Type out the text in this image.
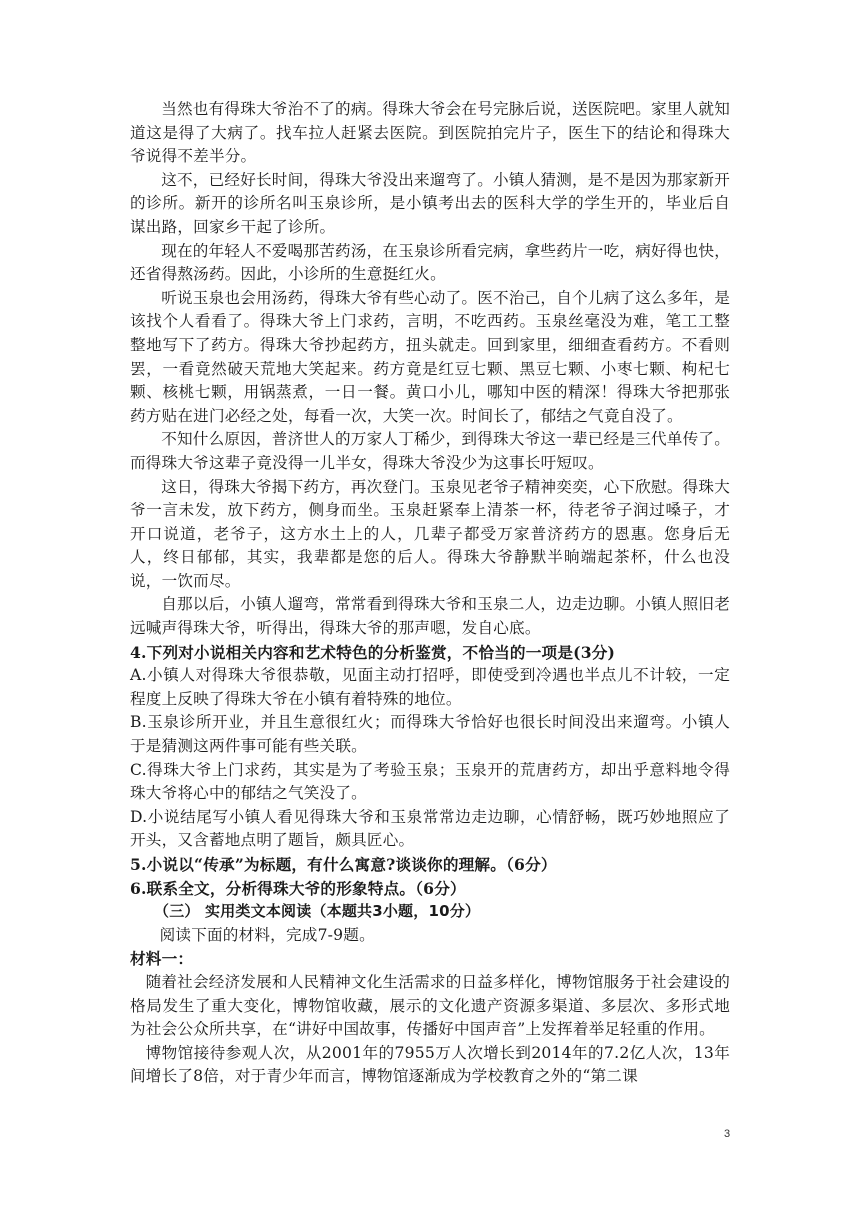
当然也有得珠大爷治不了的病。得珠大爷会在号完脉后说，送医院吧。家里人就知道这是得了大病了。找车拉人赶紧去医院。到医院拍完片子，医生下的结论和得珠大爷说得不差半分。

这不，已经好长时间，得珠大爷没出来遛弯了。小镇人猜测，是不是因为那家新开的诊所。新开的诊所名叫玉泉诊所，是小镇考出去的医科大学的学生开的，毕业后自谋出路，回家乡干起了诊所。

现在的年轻人不爱喝那苦药汤，在玉泉诊所看完病，拿些药片一吃，病好得也快，还省得熬汤药。因此，小诊所的生意挺红火。

听说玉泉也会用汤药，得珠大爷有些心动了。医不治己，自个儿病了这么多年，是该找个人看看了。得珠大爷上门求药，言明，不吃西药。玉泉丝毫没为难，笔工工整整地写下了药方。得珠大爷抄起药方，扭头就走。回到家里，细细查看药方。不看则罢，一看竟然破天荒地大笑起来。药方竟是红豆七颗、黑豆七颗、小枣七颗、枸杞七颗、核桃七颗，用锅蒸煮，一日一餐。黄口小儿，哪知中医的精深！得珠大爷把那张药方贴在进门必经之处，每看一次，大笑一次。时间长了，郁结之气竟自没了。

不知什么原因，普济世人的万家人丁稀少，到得珠大爷这一辈已经是三代单传了。而得珠大爷这辈子竟没得一儿半女，得珠大爷没少为这事长吁短叹。

这日，得珠大爷揭下药方，再次登门。玉泉见老爷子精神奕奕，心下欣慰。得珠大爷一言未发，放下药方，侧身而坐。玉泉赶紧奉上清茶一杯，待老爷子润过嗓子，才开口说道，老爷子，这方水土上的人，几辈子都受万家普济药方的恩惠。您身后无人，终日郁郁，其实，我辈都是您的后人。得珠大爷静默半晌端起茶杯，什么也没说，一饮而尽。

自那以后，小镇人遛弯，常常看到得珠大爷和玉泉二人，边走边聊。小镇人照旧老远喊声得珠大爷，听得出，得珠大爷的那声嗯，发自心底。

4.下列对小说相关内容和艺术特色的分析鉴赏，不恰当的一项是(3分)

A.小镇人对得珠大爷很恭敬，见面主动打招呼，即使受到冷遇也半点儿不计较，一定程度上反映了得珠大爷在小镇有着特殊的地位。

B.玉泉诊所开业，并且生意很红火；而得珠大爷恰好也很长时间没出来遛弯。小镇人于是猜测这两件事可能有些关联。

C.得珠大爷上门求药，其实是为了考验玉泉；玉泉开的荒唐药方，却出乎意料地令得珠大爷将心中的郁结之气笑没了。

D.小说结尾写小镇人看见得珠大爷和玉泉常常边走边聊，心情舒畅，既巧妙地照应了开头，又含蓄地点明了题旨，颇具匠心。

5.小说以“传承”为标题，有什么寓意?谈谈你的理解。（6分）

6.联系全文，分析得珠大爷的形象特点。（6分）

（三） 实用类文本阅读（本题共3小题，10分）

阅读下面的材料，完成7-9题。

材料一：

随着社会经济发展和人民精神文化生活需求的日益多样化，博物馆服务于社会建设的格局发生了重大变化，博物馆收藏，展示的文化遗产资源多渠道、多层次、多形式地为社会公众所共享，在“讲好中国故事，传播好中国声音”上发挥着举足轻重的作用。

博物馆接待参观人次，从2001年的7955万人次增长到2014年的7.2亿人次，13年间增长了8倍，对于青少年而言，博物馆逐渐成为学校教育之外的“第二课

3
